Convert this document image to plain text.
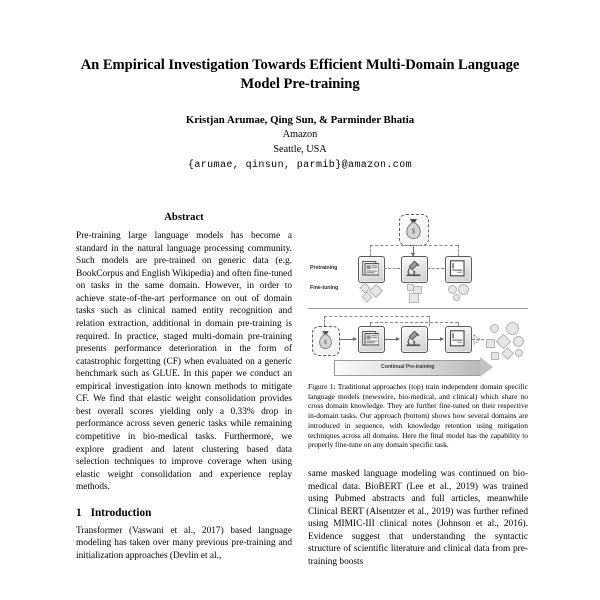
An Empirical Investigation Towards Efficient Multi-Domain Language Model Pre-training
Kristjan Arumae, Qing Sun, & Parminder Bhatia
Amazon
Seattle, USA
{arumae, qinsun, parmib}@amazon.com
Abstract

Pre-training large language models has become a standard in the natural language processing community. Such models are pre-trained on generic data (e.g. BookCorpus and English Wikipedia) and often fine-tuned on tasks in the same domain. However, in order to achieve state-of-the-art performance on out of domain tasks such as clinical named entity recognition and relation extraction, additional in domain pre-training is required. In practice, staged multi-domain pre-training presents performance deterioration in the form of catastrophic forgetting (CF) when evaluated on a generic benchmark such as GLUE. In this paper we conduct an empirical investigation into known methods to mitigate CF. We find that elastic weight consolidation provides best overall scores yielding only a 0.33% drop in performance across seven generic tasks while remaining competitive in bio-medical tasks. Furthermore, we explore gradient and latent clustering based data selection techniques to improve coverage when using elastic weight consolidation and experience replay methods.

1 Introduction

Transformer (Vaswani et al., 2017) based language modeling has taken over many previous pre-training and initialization approaches (Devlin et al.,

$
Pretraining
Fine-tuning
$
Continual Pre-training

Figure 1: Traditional approaches (top) train independent domain specific language models (newswire, bio-medical, and clinical) which share no cross domain knowledge. They are further fine-tuned on their respective in-domain tasks. Our approach (bottom) shows how several domains are introduced in sequence, with knowledge retention using mitigation techniques across all domains. Here the final model has the capability to properly fine-tune on any domain specific task.

same masked language modeling was continued on bio-medical data. BioBERT (Lee et al., 2019) was trained using Pubmed abstracts and full articles, meanwhile Clinical BERT (Alsentzer et al., 2019) was further refined using MIMIC-III clinical notes (Johnson et al., 2016). Evidence suggest that understanding the syntactic structure of scientific literature and clinical data from pre-training boosts
